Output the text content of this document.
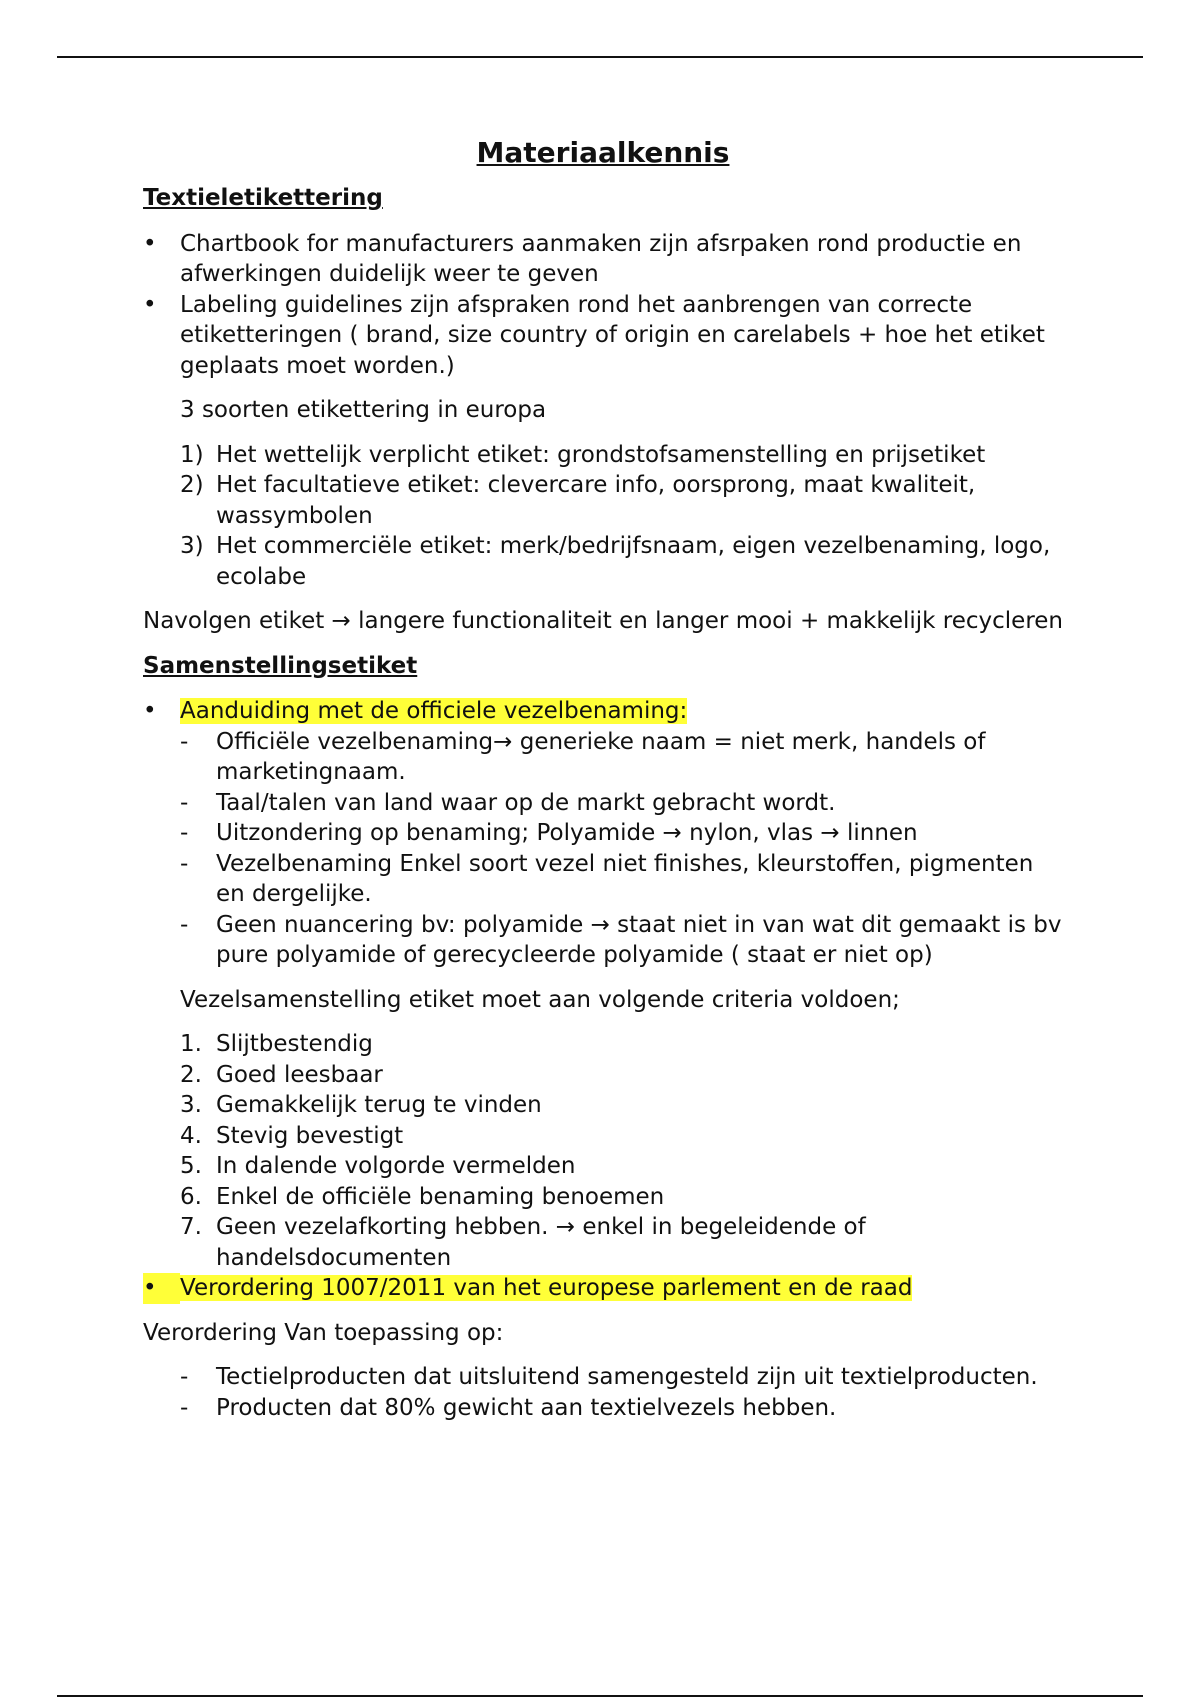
Materiaalkennis
Textieletikettering
•	Chartbook for manufacturers aanmaken zijn afsrpaken rond productie en afwerkingen duidelijk weer te geven
•	Labeling guidelines zijn afspraken rond het aanbrengen van correcte etiketteringen ( brand, size country of origin en carelabels + hoe het etiket geplaats moet worden.)

3 soorten etikettering in europa

1) Het wettelijk verplicht etiket: grondstofsamenstelling en prijsetiket
2) Het facultatieve etiket: clevercare info, oorsprong, maat kwaliteit, wassymbolen
3) Het commerciële etiket: merk/bedrijfsnaam, eigen vezelbenaming, logo, ecolabe

Navolgen etiket → langere functionaliteit en langer mooi + makkelijk recycleren

Samenstellingsetiket
•	Aanduiding met de officiele vezelbenaming:
-	Officiële vezelbenaming→ generieke naam = niet merk, handels of marketingnaam.
-	Taal/talen van land waar op de markt gebracht wordt.
-	Uitzondering op benaming; Polyamide → nylon, vlas → linnen
-	Vezelbenaming Enkel soort vezel niet finishes, kleurstoffen, pigmenten en dergelijke.
-	Geen nuancering bv: polyamide → staat niet in van wat dit gemaakt is bv pure polyamide of gerecycleerde polyamide ( staat er niet op)

Vezelsamenstelling etiket moet aan volgende criteria voldoen;

1. Slijtbestendig
2. Goed leesbaar
3. Gemakkelijk terug te vinden
4. Stevig bevestigt
5. In dalende volgorde vermelden
6. Enkel de officiële benaming benoemen
7. Geen vezelafkorting hebben. → enkel in begeleidende of handelsdocumenten
•	Verordering 1007/2011 van het europese parlement en de raad

Verordering Van toepassing op:

-	Tectielproducten dat uitsluitend samengesteld zijn uit textielproducten.
-	Producten dat 80% gewicht aan textielvezels hebben.
